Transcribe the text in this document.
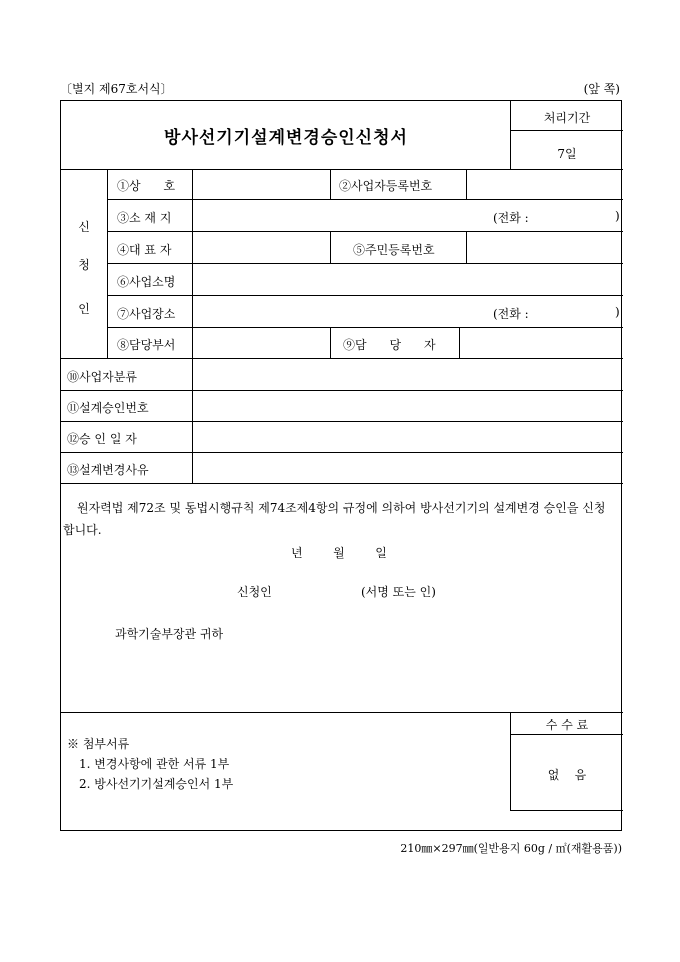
〔별지 제67호서식〕	(앞 쪽)
방사선기기설계변경승인신청서
처리기간
7일
신
청
인
①상      호	②사업자등록번호
③소 재 지	(전화 :	)
④대 표 자	⑤주민등록번호
⑥사업소명
⑦사업장소	(전화 :	)
⑧담당부서	⑨담      당      자
⑩사업자분류
⑪설계승인번호
⑫승 인 일 자
⑬설계변경사유
원자력법 제72조 및 동법시행규칙 제74조제4항의 규정에 의하여 방사선기기의 설계변경 승인을 신청합니다.
년        월        일
신청인	(서명 또는 인)
과학기술부장관 귀하
※ 첨부서류
1. 변경사항에 관한 서류 1부
2. 방사선기기설계승인서 1부
수 수 료
없    음
210㎜×297㎜(일반용지 60g / ㎡(재활용품))
